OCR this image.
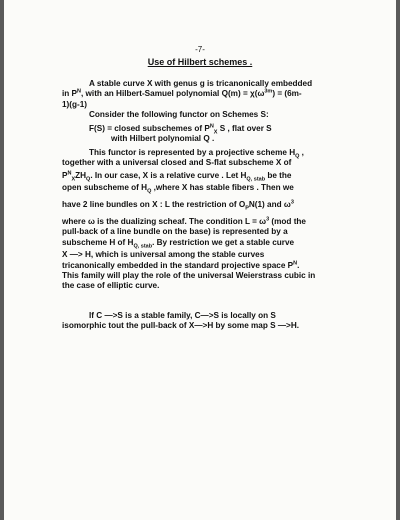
-7-
Use of Hilbert schemes .
A stable curve X with genus g is tricanonically embedded
in $P^N$, with an Hilbert-Samuel polynomial $Q(m) = \chi(\omega^{3m}) = (6m-$
1)(g-1)
Consider the following functor on Schemes S:
F(S) = closed subschemes of $P^N_X$ S , flat over S
with Hilbert polynomial Q .
This functor is represented by a projective scheme $H_Q$ ,
together with a universal closed and S-flat subscheme X of
$P^N_XZH_Q$. In our case, X is a relative curve . Let $H_{Q, stab}$ be the
open subscheme of $H_Q$ ,where X has stable fibers . Then we
have 2 line bundles on X : L the restriction of $O_PN(1)$ and $\omega^3$
where ω is the dualizing scheaf. The condition $L = \omega^3$ (mod the
pull-back of a line bundle on the base) is represented by a
subscheme H of $H_{Q, stab}$. By restriction we get a stable curve
X —> H, which is universal among the stable curves
tricanonically embedded in the standard projective space $P^N$.
This family will play the role of the universal Weierstrass cubic in
the case of elliptic curve.
If C —>S is a stable family, C—>S is locally on S
isomorphic tout the pull-back of X—>H by some map S —>H.
